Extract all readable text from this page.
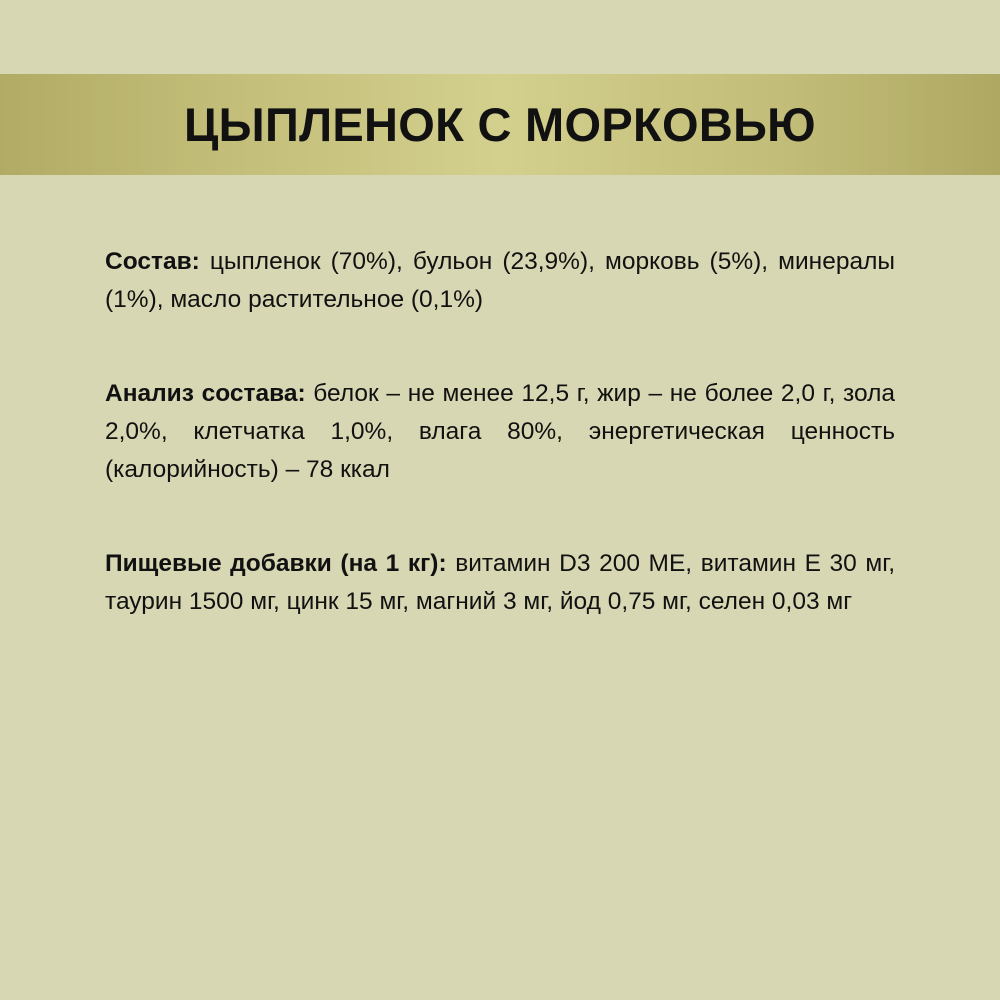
ЦЫПЛЕНОК С МОРКОВЬЮ

Состав: цыпленок (70%), бульон (23,9%), морковь (5%), минералы (1%), масло растительное (0,1%)

Анализ состава: белок – не менее 12,5 г, жир – не более 2,0 г, зола 2,0%, клетчатка 1,0%, влага 80%, энергетическая ценность (калорийность) – 78 ккал

Пищевые добавки (на 1 кг): витамин D3 200 МЕ, витамин Е 30 мг, таурин 1500 мг, цинк 15 мг, магний 3 мг, йод 0,75 мг, селен 0,03 мг
